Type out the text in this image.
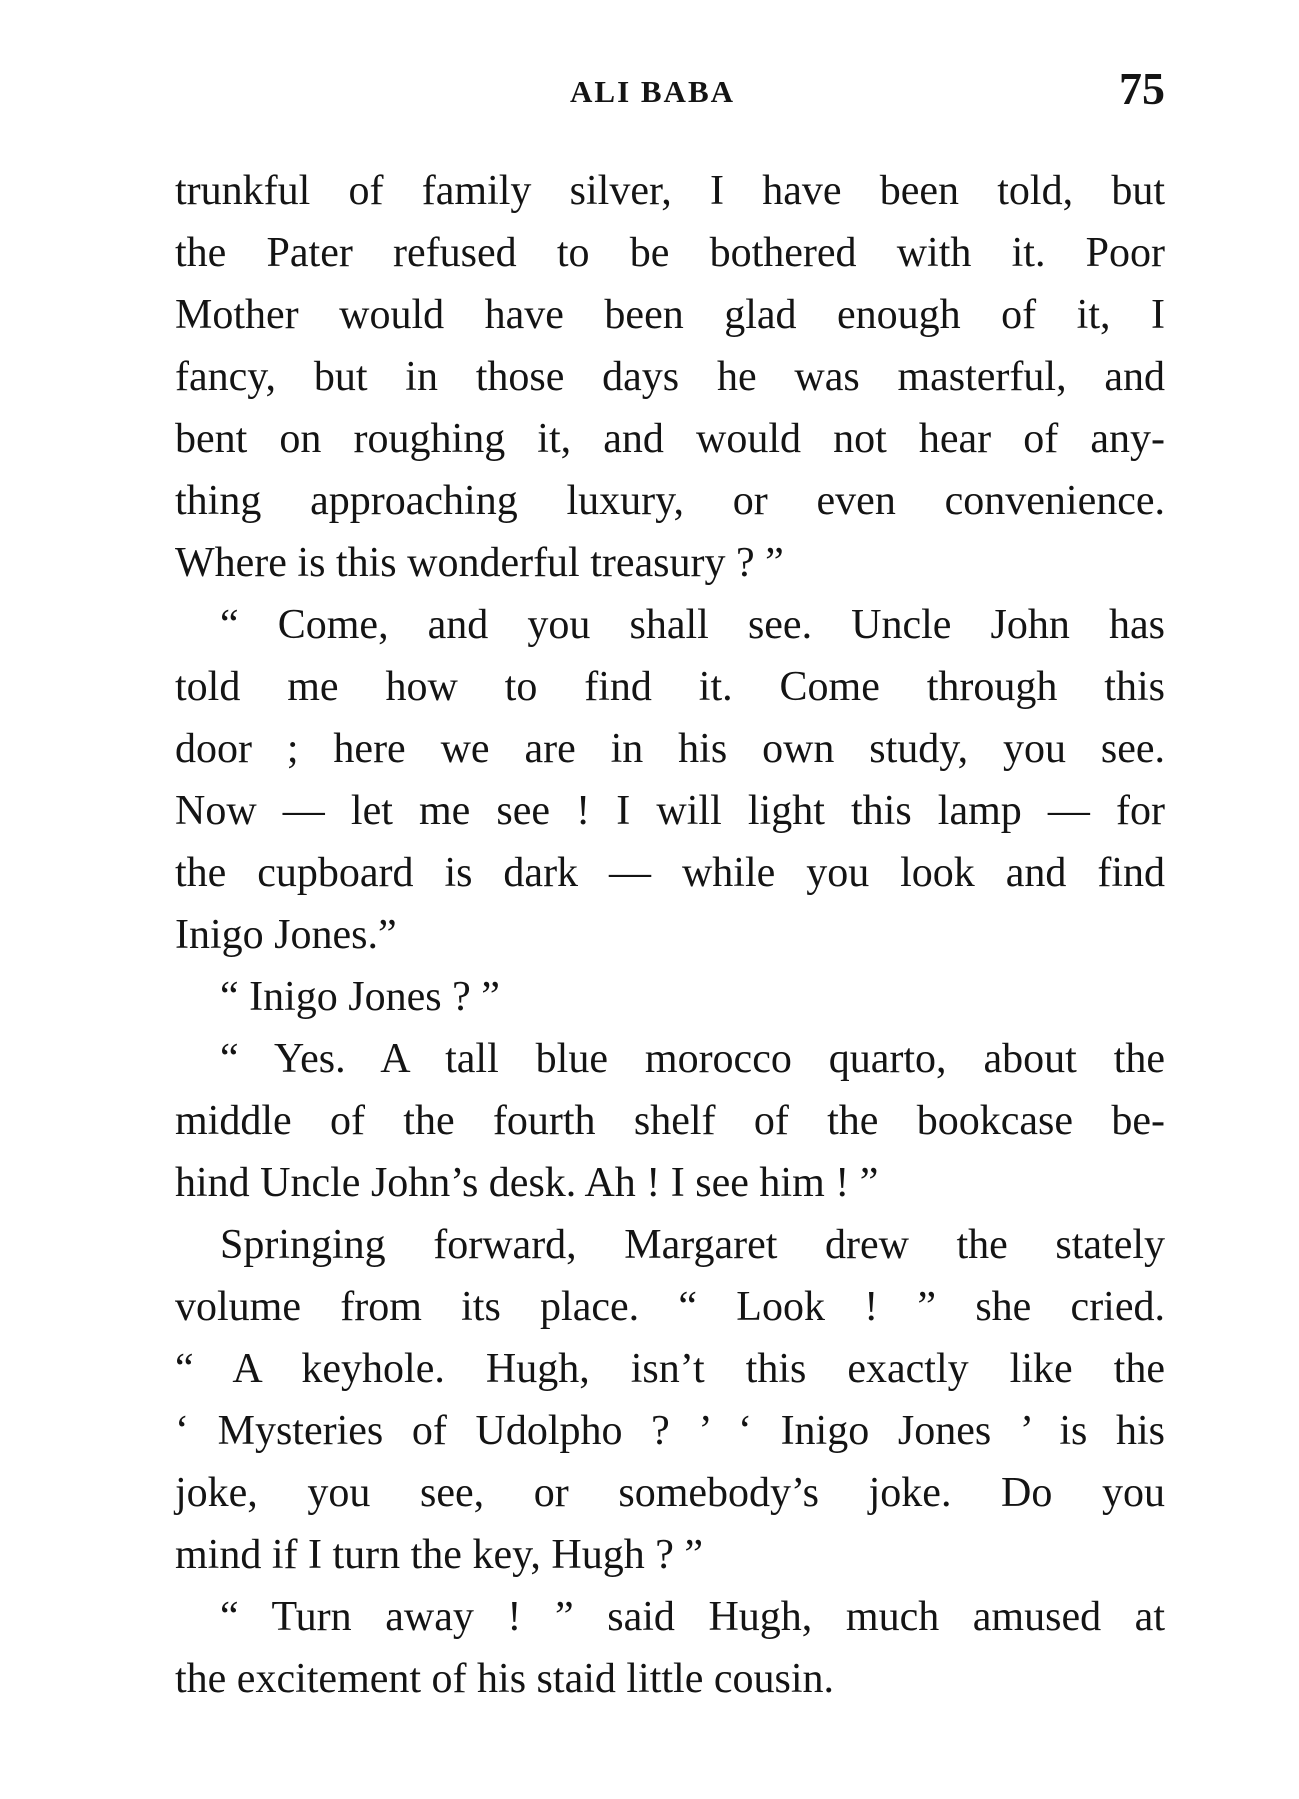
ALI BABA	75
trunkful of family silver, I have been told, but
the Pater refused to be bothered with it. Poor
Mother would have been glad enough of it, I
fancy, but in those days he was masterful, and
bent on roughing it, and would not hear of any-
thing approaching luxury, or even convenience.
Where is this wonderful treasury ? ”
“ Come, and you shall see. Uncle John has
told me how to find it. Come through this
door ; here we are in his own study, you see.
Now — let me see ! I will light this lamp — for
the cupboard is dark — while you look and find
Inigo Jones.”
“ Inigo Jones ? ”
“ Yes. A tall blue morocco quarto, about the
middle of the fourth shelf of the bookcase be-
hind Uncle John’s desk. Ah ! I see him ! ”
Springing forward, Margaret drew the stately
volume from its place. “ Look ! ” she cried.
“ A keyhole. Hugh, isn’t this exactly like the
‘ Mysteries of Udolpho ? ’ ‘ Inigo Jones ’ is his
joke, you see, or somebody’s joke. Do you
mind if I turn the key, Hugh ? ”
“ Turn away ! ” said Hugh, much amused at
the excitement of his staid little cousin.
